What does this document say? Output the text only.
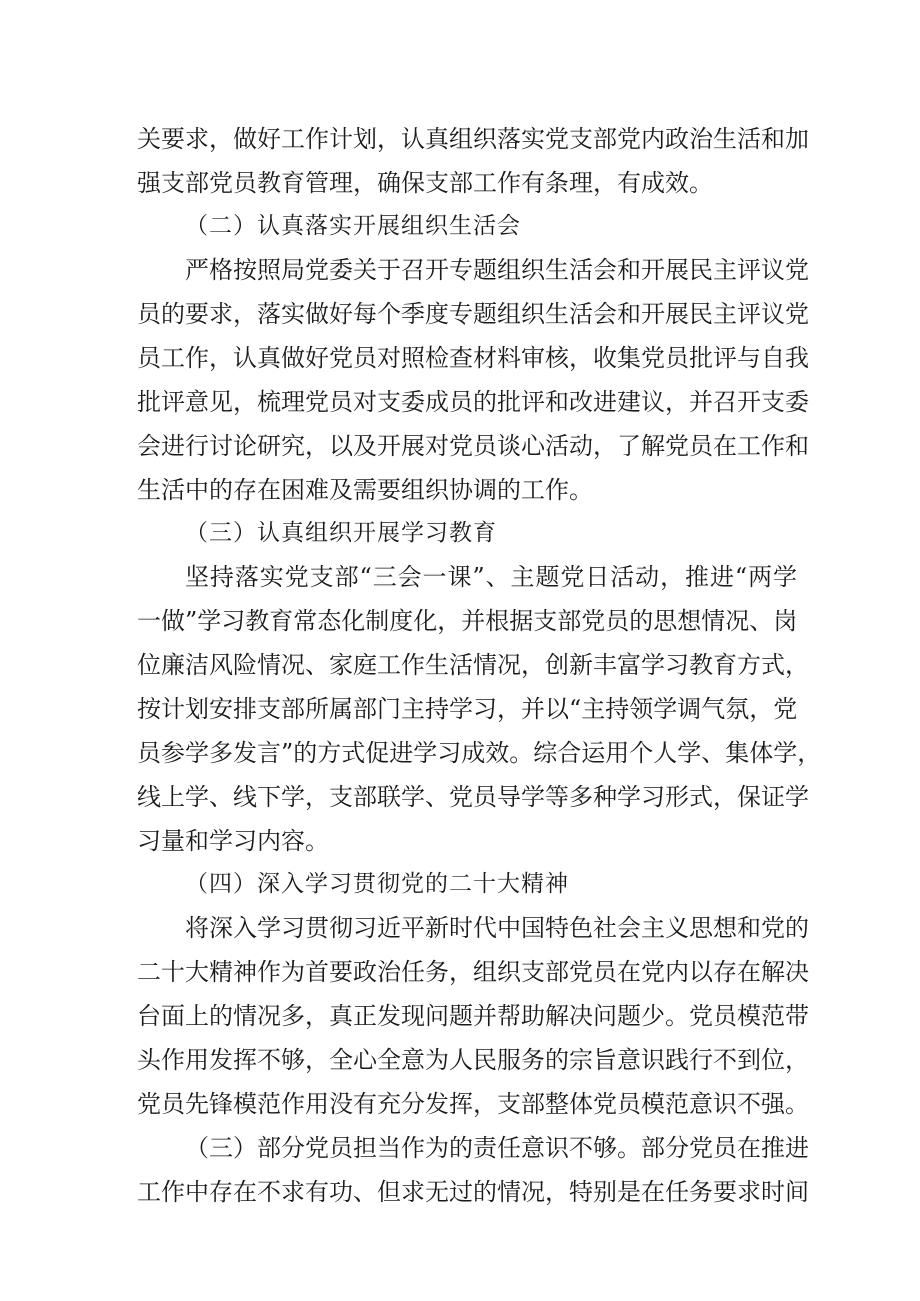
关要求，做好工作计划，认真组织落实党支部党内政治生活和加
强支部党员教育管理，确保支部工作有条理，有成效。
（二）认真落实开展组织生活会
严格按照局党委关于召开专题组织生活会和开展民主评议党
员的要求，落实做好每个季度专题组织生活会和开展民主评议党
员工作，认真做好党员对照检查材料审核，收集党员批评与自我
批评意见，梳理党员对支委成员的批评和改进建议，并召开支委
会进行讨论研究，以及开展对党员谈心活动，了解党员在工作和
生活中的存在困难及需要组织协调的工作。
（三）认真组织开展学习教育
坚持落实党支部“三会一课”、主题党日活动，推进“两学
一做”学习教育常态化制度化，并根据支部党员的思想情况、岗
位廉洁风险情况、家庭工作生活情况，创新丰富学习教育方式，
按计划安排支部所属部门主持学习，并以“主持领学调气氛，党
员参学多发言”的方式促进学习成效。综合运用个人学、集体学，
线上学、线下学，支部联学、党员导学等多种学习形式，保证学
习量和学习内容。
（四）深入学习贯彻党的二十大精神
将深入学习贯彻习近平新时代中国特色社会主义思想和党的
二十大精神作为首要政治任务，组织支部党员在党内以存在解决
台面上的情况多，真正发现问题并帮助解决问题少。党员模范带
头作用发挥不够，全心全意为人民服务的宗旨意识践行不到位，
党员先锋模范作用没有充分发挥，支部整体党员模范意识不强。
（三）部分党员担当作为的责任意识不够。部分党员在推进
工作中存在不求有功、但求无过的情况，特别是在任务要求时间
